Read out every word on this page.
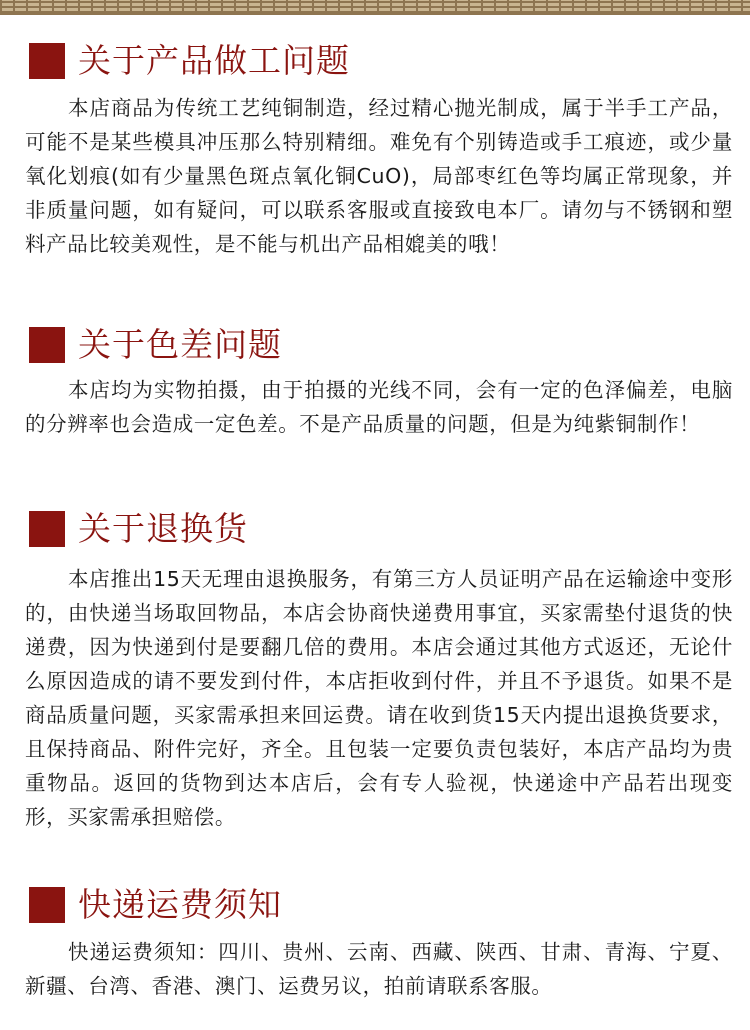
关于产品做工问题

本店商品为传统工艺纯铜制造，经过精心抛光制成，属于半手工产品，可能不是某些模具冲压那么特别精细。难免有个别铸造或手工痕迹，或少量氧化划痕(如有少量黑色斑点氧化铜CuO)，局部枣红色等均属正常现象，并非质量问题，如有疑问，可以联系客服或直接致电本厂。请勿与不锈钢和塑料产品比较美观性，是不能与机出产品相媲美的哦！

关于色差问题

本店均为实物拍摄，由于拍摄的光线不同，会有一定的色泽偏差，电脑的分辨率也会造成一定色差。不是产品质量的问题，但是为纯紫铜制作！

关于退换货

本店推出15天无理由退换服务，有第三方人员证明产品在运输途中变形的，由快递当场取回物品，本店会协商快递费用事宜，买家需垫付退货的快递费，因为快递到付是要翻几倍的费用。本店会通过其他方式返还，无论什么原因造成的请不要发到付件，本店拒收到付件，并且不予退货。如果不是商品质量问题，买家需承担来回运费。请在收到货15天内提出退换货要求，且保持商品、附件完好，齐全。且包装一定要负责包装好，本店产品均为贵重物品。返回的货物到达本店后，会有专人验视，快递途中产品若出现变形，买家需承担赔偿。

快递运费须知

快递运费须知：四川、贵州、云南、西藏、陕西、甘肃、青海、宁夏、新疆、台湾、香港、澳门、运费另议，拍前请联系客服。
